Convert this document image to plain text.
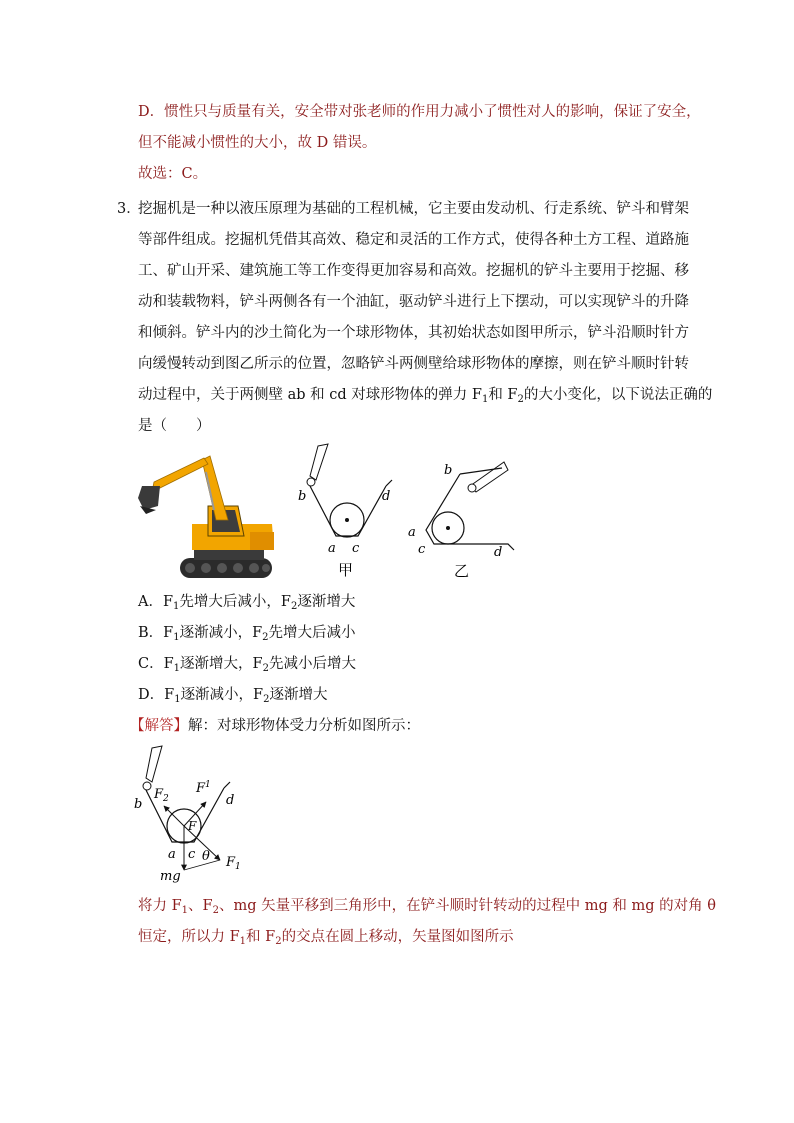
D．惯性只与质量有关，安全带对张老师的作用力减小了惯性对人的影响，保证了安全，
但不能减小惯性的大小，故 D 错误。
故选：C。
3．
挖掘机是一种以液压原理为基础的工程机械，它主要由发动机、行走系统、铲斗和臂架
等部件组成。挖掘机凭借其高效、稳定和灵活的工作方式，使得各种土方工程、道路施
工、矿山开采、建筑施工等工作变得更加容易和高效。挖掘机的铲斗主要用于挖掘、移
动和装载物料，铲斗两侧各有一个油缸，驱动铲斗进行上下摆动，可以实现铲斗的升降
和倾斜。铲斗内的沙土简化为一个球形物体，其初始状态如图甲所示，铲斗沿顺时针方
向缓慢转动到图乙所示的位置，忽略铲斗两侧壁给球形物体的摩擦，则在铲斗顺时针转
动过程中，关于两侧壁 ab 和 cd 对球形物体的弹力 $F_1$和 $F_2$的大小变化，以下说法正确的
是（　　）
b	d
a c
甲
b
a
c	d
乙
A．$F_1$先增大后减小，$F_2$逐渐增大
B．$F_1$逐渐减小，$F_2$先增大后减小
C．$F_1$逐渐增大，$F_2$先减小后增大
D．$F_1$逐渐减小，$F_2$逐渐增大
【解答】解：对球形物体受力分析如图所示：
b	d
a c
$F_2$
$F^1$
F
θ $F_1$
mg
将力 $F_1$、$F_2$、mg 矢量平移到三角形中，在铲斗顺时针转动的过程中 mg 和 mg 的对角 θ
恒定，所以力 $F_1$和 $F_2$的交点在圆上移动，矢量图如图所示
